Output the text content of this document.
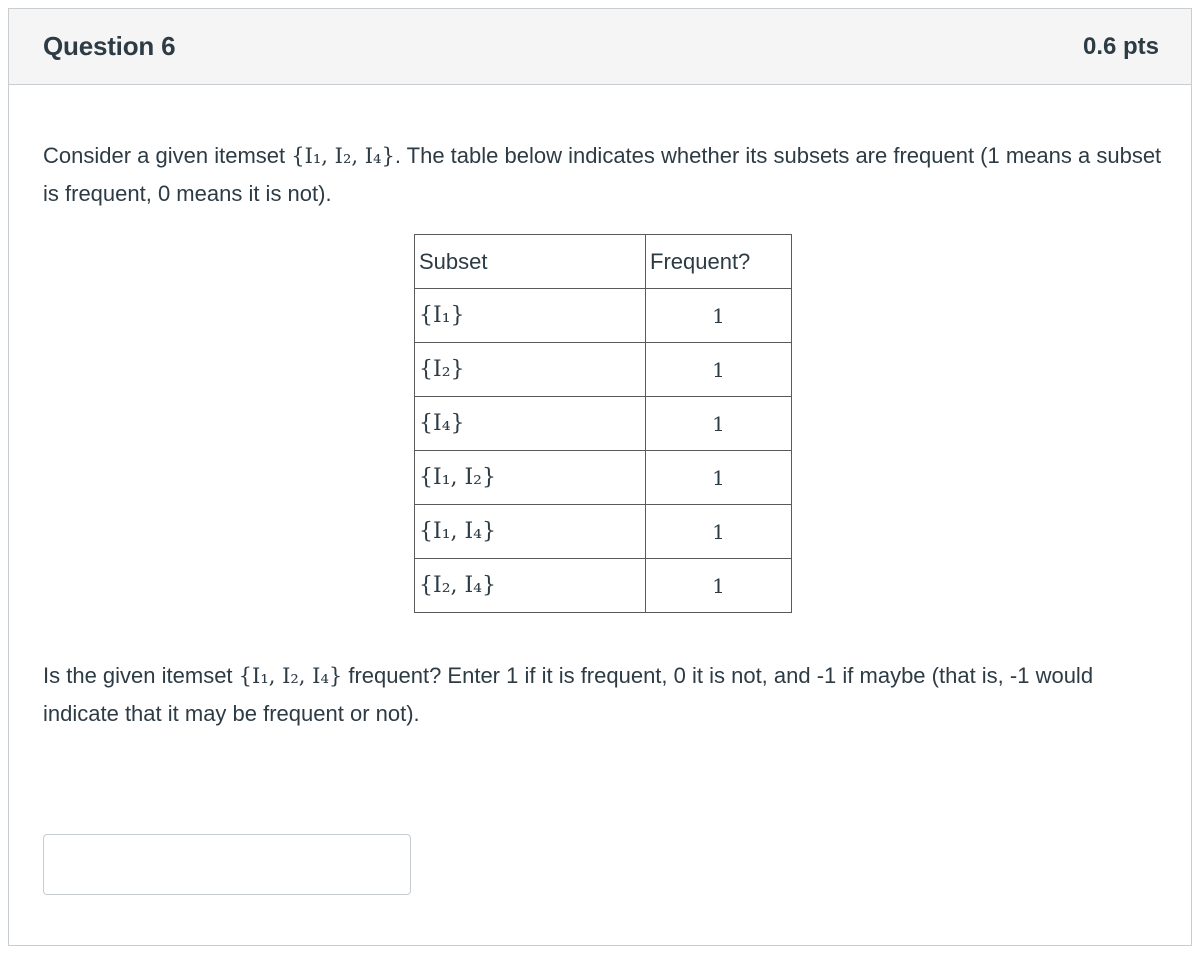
Question 6	0.6 pts

Consider a given itemset {I₁, I₂, I₄}. The table below indicates whether its subsets are frequent (1 means a subset is frequent, 0 means it is not).

Subset	Frequent?
{I₁}	1
{I₂}	1
{I₄}	1
{I₁, I₂}	1
{I₁, I₄}	1
{I₂, I₄}	1

Is the given itemset {I₁, I₂, I₄} frequent? Enter 1 if it is frequent, 0 it is not, and -1 if maybe (that is, -1 would indicate that it may be frequent or not).
